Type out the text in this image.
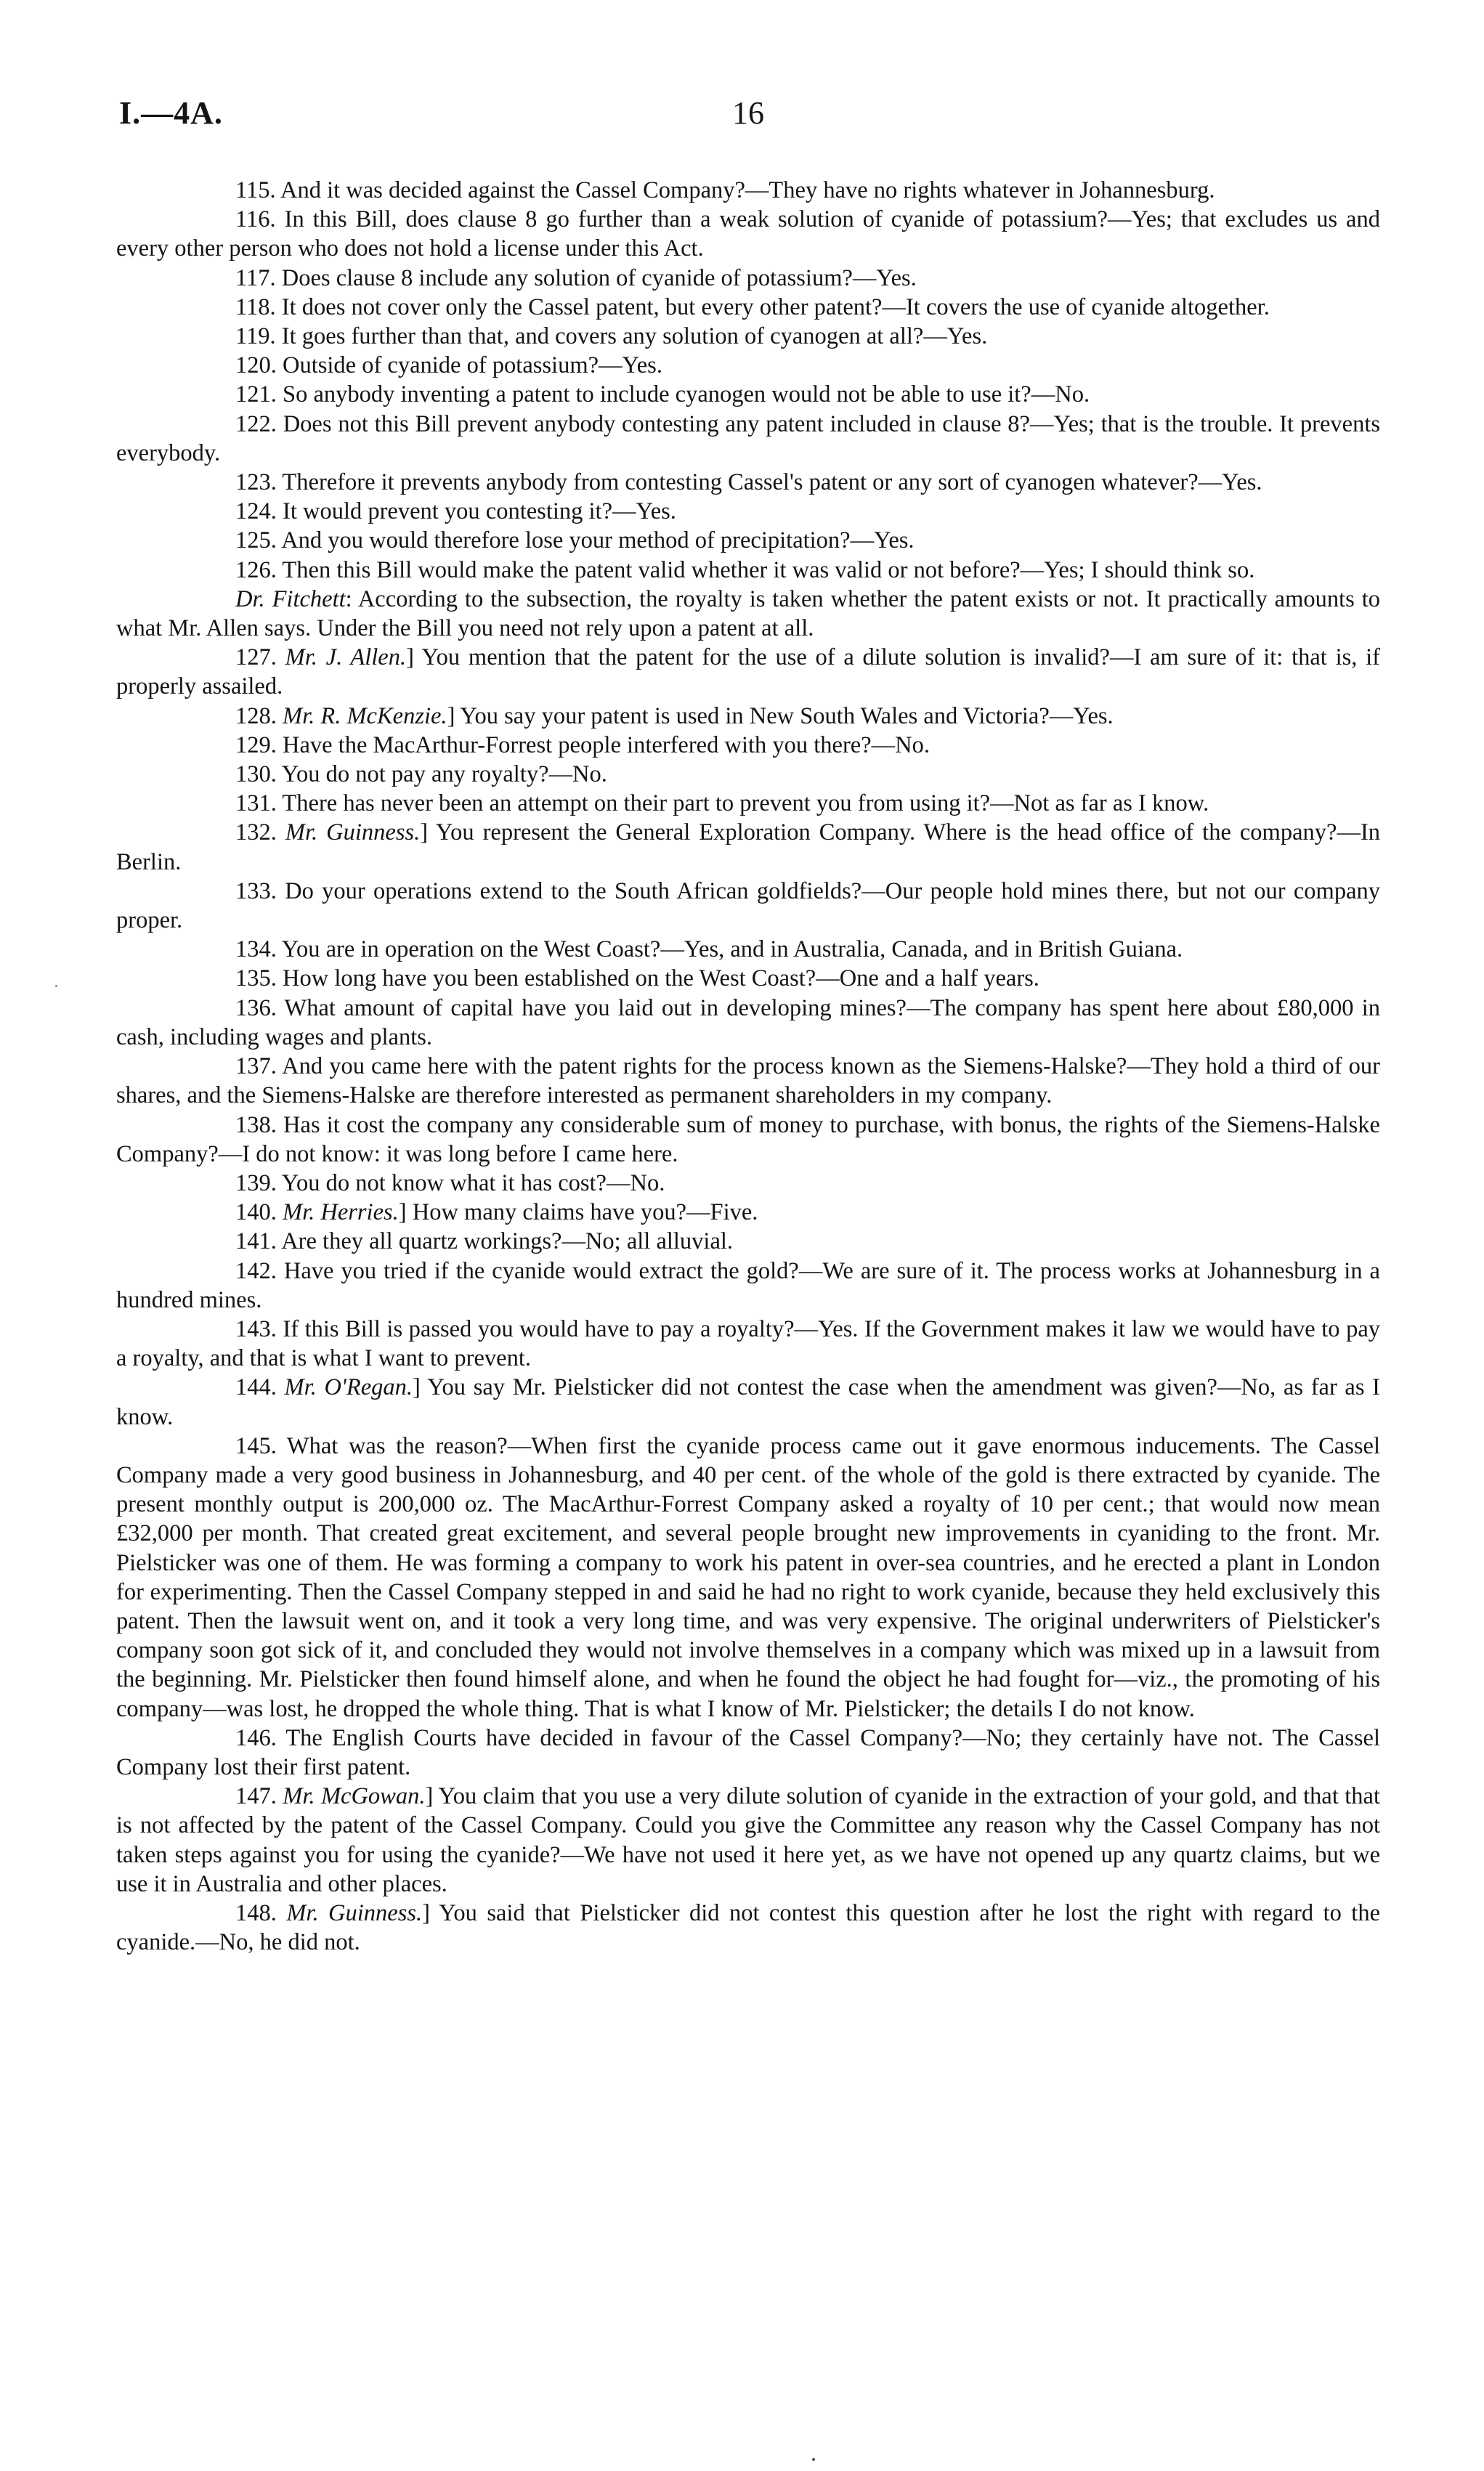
I.—4A.	16

115. And it was decided against the Cassel Company?—They have no rights whatever in Johannesburg.

116. In this Bill, does clause 8 go further than a weak solution of cyanide of potassium?—Yes; that excludes us and every other person who does not hold a license under this Act.

117. Does clause 8 include any solution of cyanide of potassium?—Yes.

118. It does not cover only the Cassel patent, but every other patent?—It covers the use of cyanide altogether.

119. It goes further than that, and covers any solution of cyanogen at all?—Yes.

120. Outside of cyanide of potassium?—Yes.

121. So anybody inventing a patent to include cyanogen would not be able to use it?—No.

122. Does not this Bill prevent anybody contesting any patent included in clause 8?—Yes; that is the trouble. It prevents everybody.

123. Therefore it prevents anybody from contesting Cassel's patent or any sort of cyanogen whatever?—Yes.

124. It would prevent you contesting it?—Yes.

125. And you would therefore lose your method of precipitation?—Yes.

126. Then this Bill would make the patent valid whether it was valid or not before?—Yes; I should think so.

Dr. Fitchett: According to the subsection, the royalty is taken whether the patent exists or not. It practically amounts to what Mr. Allen says. Under the Bill you need not rely upon a patent at all.

127. Mr. J. Allen.] You mention that the patent for the use of a dilute solution is invalid?—I am sure of it: that is, if properly assailed.

128. Mr. R. McKenzie.] You say your patent is used in New South Wales and Victoria?—Yes.

129. Have the MacArthur-Forrest people interfered with you there?—No.

130. You do not pay any royalty?—No.

131. There has never been an attempt on their part to prevent you from using it?—Not as far as I know.

132. Mr. Guinness.] You represent the General Exploration Company. Where is the head office of the company?—In Berlin.

133. Do your operations extend to the South African goldfields?—Our people hold mines there, but not our company proper.

134. You are in operation on the West Coast?—Yes, and in Australia, Canada, and in British Guiana.

135. How long have you been established on the West Coast?—One and a half years.

136. What amount of capital have you laid out in developing mines?—The company has spent here about £80,000 in cash, including wages and plants.

137. And you came here with the patent rights for the process known as the Siemens-Halske?—They hold a third of our shares, and the Siemens-Halske are therefore interested as permanent shareholders in my company.

138. Has it cost the company any considerable sum of money to purchase, with bonus, the rights of the Siemens-Halske Company?—I do not know: it was long before I came here.

139. You do not know what it has cost?—No.

140. Mr. Herries.] How many claims have you?—Five.

141. Are they all quartz workings?—No; all alluvial.

142. Have you tried if the cyanide would extract the gold?—We are sure of it. The process works at Johannesburg in a hundred mines.

143. If this Bill is passed you would have to pay a royalty?—Yes. If the Government makes it law we would have to pay a royalty, and that is what I want to prevent.

144. Mr. O'Regan.] You say Mr. Pielsticker did not contest the case when the amendment was given?—No, as far as I know.

145. What was the reason?—When first the cyanide process came out it gave enormous inducements. The Cassel Company made a very good business in Johannesburg, and 40 per cent. of the whole of the gold is there extracted by cyanide. The present monthly output is 200,000 oz. The MacArthur-Forrest Company asked a royalty of 10 per cent.; that would now mean £32,000 per month. That created great excitement, and several people brought new improvements in cyaniding to the front. Mr. Pielsticker was one of them. He was forming a company to work his patent in over-sea countries, and he erected a plant in London for experimenting. Then the Cassel Company stepped in and said he had no right to work cyanide, because they held exclusively this patent. Then the lawsuit went on, and it took a very long time, and was very expensive. The original underwriters of Pielsticker's company soon got sick of it, and concluded they would not involve themselves in a company which was mixed up in a lawsuit from the beginning. Mr. Pielsticker then found himself alone, and when he found the object he had fought for—viz., the promoting of his company—was lost, he dropped the whole thing. That is what I know of Mr. Pielsticker; the details I do not know.

146. The English Courts have decided in favour of the Cassel Company?—No; they certainly have not. The Cassel Company lost their first patent.

147. Mr. McGowan.] You claim that you use a very dilute solution of cyanide in the extraction of your gold, and that that is not affected by the patent of the Cassel Company. Could you give the Committee any reason why the Cassel Company has not taken steps against you for using the cyanide?—We have not used it here yet, as we have not opened up any quartz claims, but we use it in Australia and other places.

148. Mr. Guinness.] You said that Pielsticker did not contest this question after he lost the right with regard to the cyanide.—No, he did not.
